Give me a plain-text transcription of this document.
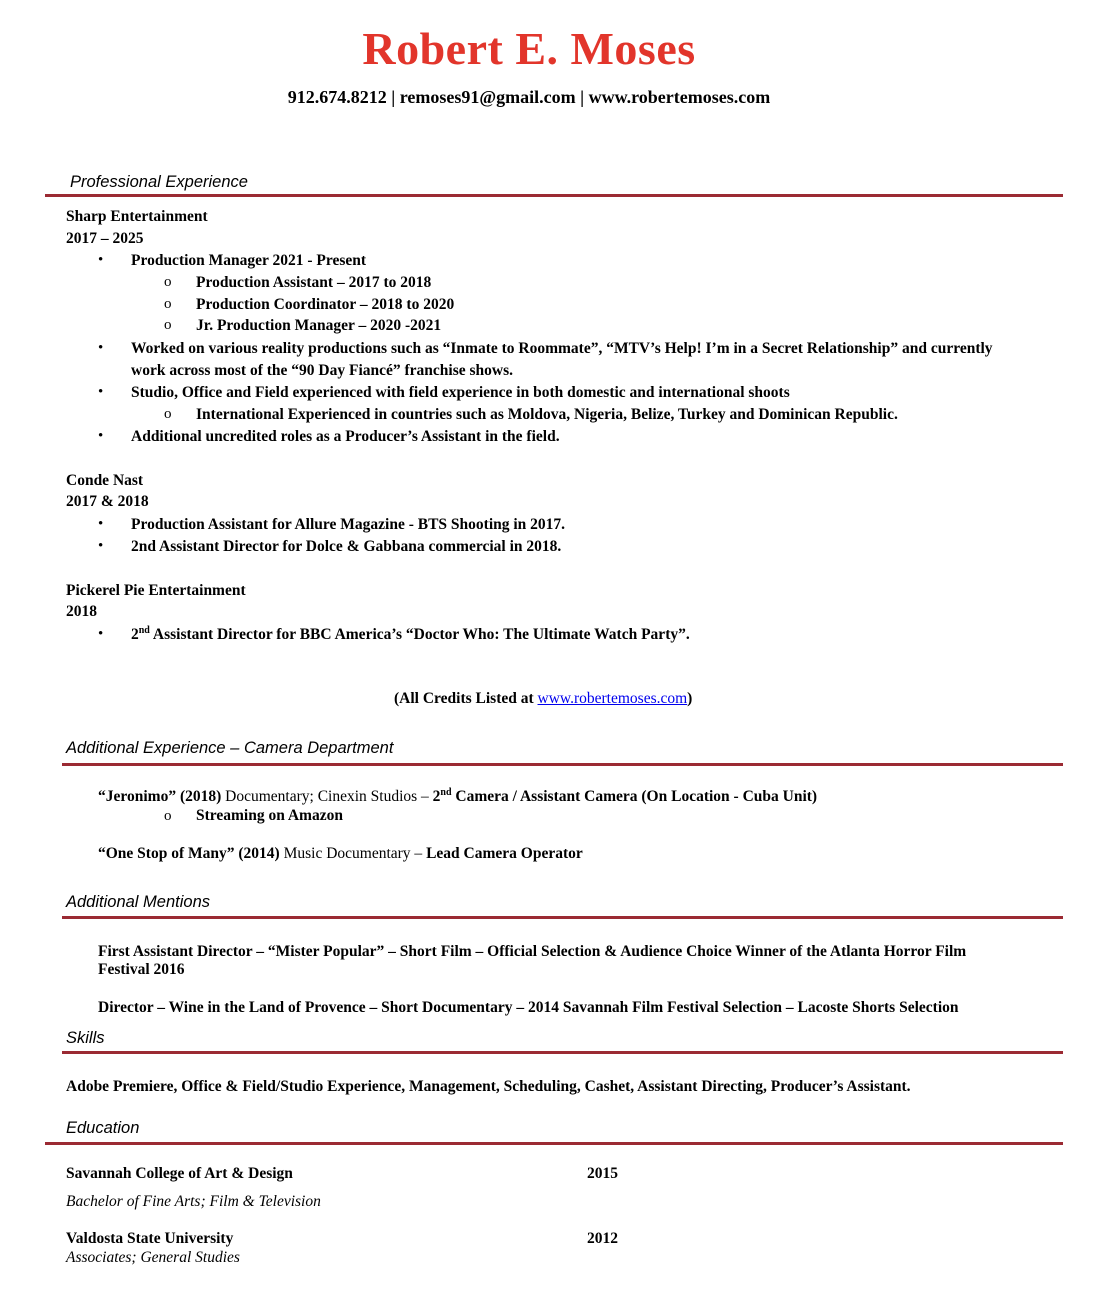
Robert E. Moses
912.674.8212 | remoses91@gmail.com | www.robertemoses.com
Professional Experience
Sharp Entertainment
2017 – 2025
• Production Manager 2021 - Present
o Production Assistant – 2017 to 2018
o Production Coordinator – 2018 to 2020
o Jr. Production Manager – 2020 -2021
• Worked on various reality productions such as “Inmate to Roommate”, “MTV’s Help! I’m in a Secret Relationship” and currently
work across most of the “90 Day Fiancé” franchise shows.
• Studio, Office and Field experienced with field experience in both domestic and international shoots
o International Experienced in countries such as Moldova, Nigeria, Belize, Turkey and Dominican Republic.
• Additional uncredited roles as a Producer’s Assistant in the field.
Conde Nast
2017 & 2018
• Production Assistant for Allure Magazine - BTS Shooting in 2017.
• 2nd Assistant Director for Dolce & Gabbana commercial in 2018.
Pickerel Pie Entertainment
2018
• 2nd Assistant Director for BBC America’s “Doctor Who: The Ultimate Watch Party”.
(All Credits Listed at www.robertemoses.com)
Additional Experience – Camera Department
“Jeronimo” (2018) Documentary; Cinexin Studios – 2nd Camera / Assistant Camera (On Location - Cuba Unit)
o Streaming on Amazon
“One Stop of Many” (2014) Music Documentary – Lead Camera Operator
Additional Mentions
First Assistant Director – “Mister Popular” – Short Film – Official Selection & Audience Choice Winner of the Atlanta Horror Film
Festival 2016
Director – Wine in the Land of Provence – Short Documentary – 2014 Savannah Film Festival Selection – Lacoste Shorts Selection
Skills
Adobe Premiere, Office & Field/Studio Experience, Management, Scheduling, Cashet, Assistant Directing, Producer’s Assistant.
Education
Savannah College of Art & Design	2015
Bachelor of Fine Arts; Film & Television
Valdosta State University	2012
Associates; General Studies
